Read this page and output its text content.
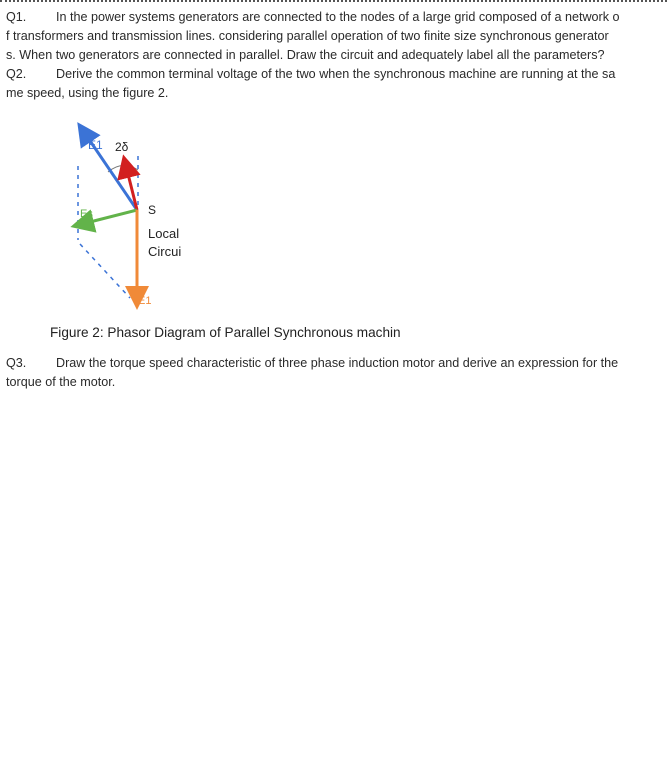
Q1. In the power systems generators are connected to the nodes of a large grid composed of a network o
f transformers and transmission lines. considering parallel operation of two finite size synchronous generator
s. When two generators are connected in parallel. Draw the circuit and adequately label all the parameters?
Q2. Derive the common terminal voltage of the two when the synchronous machine are running at the sa
me speed, using the figure 2.
E1 2δ
Es	S
Local
Circui
E1
Figure 2: Phasor Diagram of Parallel Synchronous machin
Q3. Draw the torque speed characteristic of three phase induction motor and derive an expression for the
torque of the motor.
